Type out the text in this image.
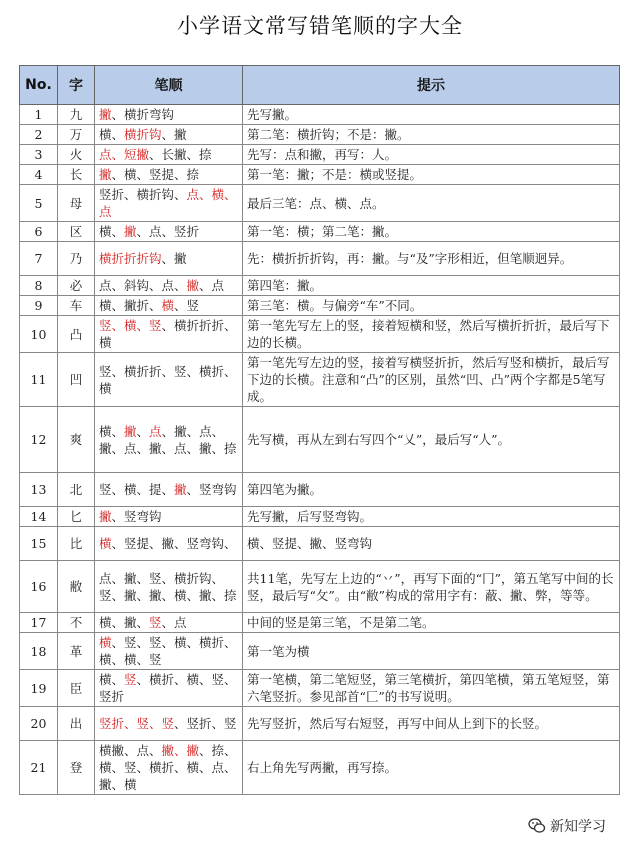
小学语文常写错笔顺的字大全
No.	字	笔顺	提示
1	九	撇、横折弯钩	先写撇。
2	万	横、横折钩、撇	第二笔：横折钩；不是：撇。
3	火	点、短撇、长撇、捺	先写：点和撇，再写：人。
4	长	撇、横、竖提、捺	第一笔：撇；不是：横或竖提。
5	母	竖折、横折钩、点、横、点	最后三笔：点、横、点。
6	区	横、撇、点、竖折	第一笔：横；第二笔：撇。
7	乃	横折折折钩、撇	先：横折折折钩，再：撇。与“及”字形相近，但笔顺迥异。
8	必	点、斜钩、点、撇、点	第四笔：撇。
9	车	横、撇折、横、竖	第三笔：横。与偏旁“车”不同。
10	凸	竖、横、竖、横折折折、横	第一笔先写左上的竖，接着短横和竖，然后写横折折折，最后写下边的长横。
11	凹	竖、横折折、竖、横折、横	第一笔先写左边的竖，接着写横竖折折，然后写竖和横折，最后写下边的长横。注意和“凸”的区别，虽然“凹、凸”两个字都是5笔写成。
12	爽	横、撇、点、撇、点、撇、点、撇、点、撇、捺	先写横，再从左到右写四个“乂”，最后写“人”。
13	北	竖、横、提、撇、竖弯钩	第四笔为撇。
14	匕	撇、竖弯钩	先写撇，后写竖弯钩。
15	比	横、竖提、撇、竖弯钩、	横、竖提、撇、竖弯钩
16	敝	点、撇、竖、横折钩、竖、撇、撇、横、撇、捺	共11笔，先写左上边的“丷”，再写下面的“冂”，第五笔写中间的长竖，最后写“攵”。由“敝”构成的常用字有：蔽、撇、弊，等等。
17	不	横、撇、竖、点	中间的竖是第三笔，不是第二笔。
18	革	横、竖、竖、横、横折、横、横、竖	第一笔为横
19	臣	横、竖、横折、横、竖、竖折	第一笔横，第二笔短竖，第三笔横折，第四笔横，第五笔短竖，第六笔竖折。参见部首“匚”的书写说明。
20	出	竖折、竖、竖、竖折、竖	先写竖折，然后写右短竖，再写中间从上到下的长竖。
21	登	横撇、点、撇、撇、捺、横、竖、横折、横、点、撇、横	右上角先写两撇，再写捺。
新知学习
